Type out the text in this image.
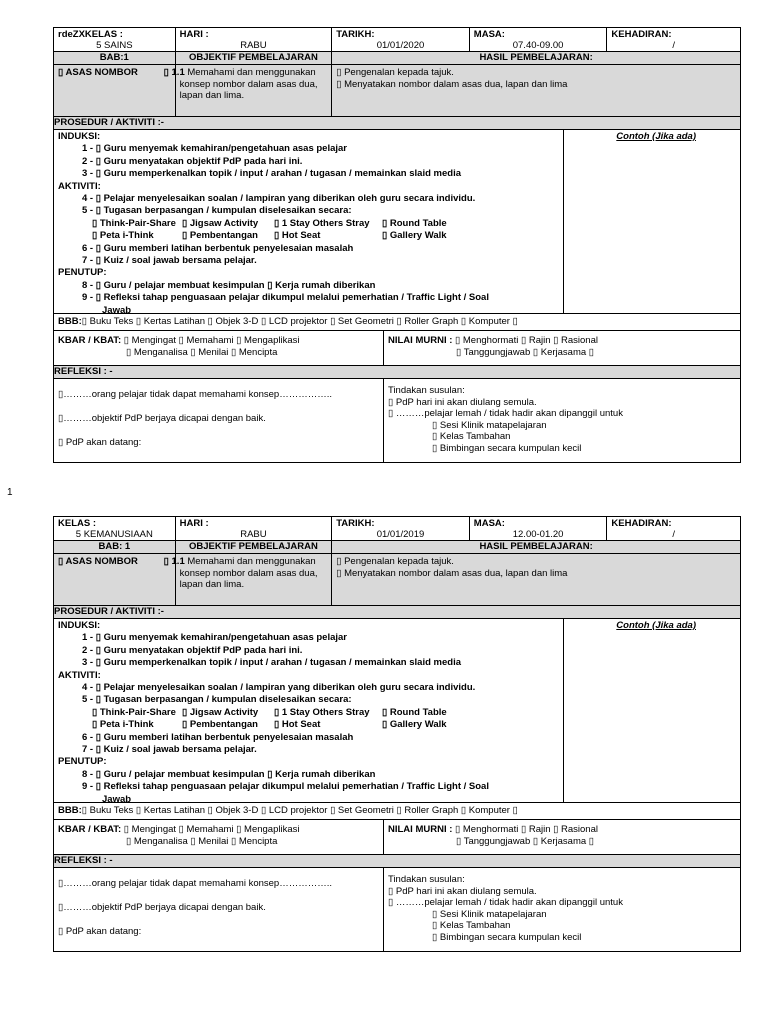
rdeZXKELAS :
5 SAINS
HARI :
RABU
TARIKH:
01/01/2020
MASA:
07.40-09.00
KEHADIRAN:
/
BAB:1	OBJEKTIF PEMBELAJARAN	HASIL PEMBELAJARAN:
▯ ASAS NOMBOR	▯ 1.1 Memahami dan menggunakan konsep nombor dalam asas dua, lapan dan lima.
▯ Pengenalan kepada tajuk.
▯ Menyatakan nombor dalam asas dua, lapan dan lima
PROSEDUR / AKTIVITI :-
INDUKSI:
1 - ▯ Guru menyemak kemahiran/pengetahuan asas pelajar
2 - ▯ Guru menyatakan objektif PdP pada hari ini.
3 - ▯ Guru memperkenalkan topik / input / arahan / tugasan / memainkan slaid media
AKTIVITI:
4 - ▯ Pelajar menyelesaikan soalan / lampiran yang diberikan oleh guru secara individu.
5 - ▯ Tugasan berpasangan / kumpulan diselesaikan secara:
▯ Think-Pair-Share ▯ Jigsaw Activity ▯ 1 Stay Others Stray ▯ Round Table
▯ Peta i-Think	▯ Pembentangan ▯ Hot Seat	▯ Gallery Walk
6 - ▯ Guru memberi latihan berbentuk penyelesaian masalah
7 - ▯ Kuiz / soal jawab bersama pelajar.
PENUTUP:
8 - ▯ Guru / pelajar membuat kesimpulan ▯ Kerja rumah diberikan
9 - ▯ Refleksi tahap penguasaan pelajar dikumpul melalui pemerhatian / Traffic Light / Soal
Jawab
Contoh (Jika ada)
BBB: ▯ Buku Teks ▯ Kertas Latihan ▯ Objek 3-D ▯ LCD projektor ▯ Set Geometri ▯ Roller Graph ▯ Komputer ▯
KBAR / KBAT: ▯ Mengingat ▯ Memahami ▯ Mengaplikasi
▯ Menganalisa ▯ Menilai ▯ Mencipta
NILAI MURNI : ▯ Menghormati ▯ Rajin ▯ Rasional
▯ Tanggungjawab ▯ Kerjasama ▯
REFLEKSI : -
▯………orang pelajar tidak dapat memahami konsep……………..
▯………objektif PdP berjaya dicapai dengan baik.
▯ PdP akan datang:
Tindakan susulan:
▯ PdP hari ini akan diulang semula.
▯ ………pelajar lemah / tidak hadir akan dipanggil untuk
▯ Sesi Klinik matapelajaran
▯ Kelas Tambahan
▯ Bimbingan secara kumpulan kecil
1
KELAS :
5 KEMANUSIAAN
HARI :
RABU
TARIKH:
01/01/2019
MASA:
12.00-01.20
KEHADIRAN:
/
BAB: 1	OBJEKTIF PEMBELAJARAN	HASIL PEMBELAJARAN:
▯ ASAS NOMBOR	▯ 1.1 Memahami dan menggunakan konsep nombor dalam asas dua, lapan dan lima.
▯ Pengenalan kepada tajuk.
▯ Menyatakan nombor dalam asas dua, lapan dan lima
PROSEDUR / AKTIVITI :-
INDUKSI:
1 - ▯ Guru menyemak kemahiran/pengetahuan asas pelajar
2 - ▯ Guru menyatakan objektif PdP pada hari ini.
3 - ▯ Guru memperkenalkan topik / input / arahan / tugasan / memainkan slaid media
AKTIVITI:
4 - ▯ Pelajar menyelesaikan soalan / lampiran yang diberikan oleh guru secara individu.
5 - ▯ Tugasan berpasangan / kumpulan diselesaikan secara:
▯ Think-Pair-Share ▯ Jigsaw Activity ▯ 1 Stay Others Stray ▯ Round Table
▯ Peta i-Think	▯ Pembentangan ▯ Hot Seat	▯ Gallery Walk
6 - ▯ Guru memberi latihan berbentuk penyelesaian masalah
7 - ▯ Kuiz / soal jawab bersama pelajar.
PENUTUP:
8 - ▯ Guru / pelajar membuat kesimpulan ▯ Kerja rumah diberikan
9 - ▯ Refleksi tahap penguasaan pelajar dikumpul melalui pemerhatian / Traffic Light / Soal
Jawab
Contoh (Jika ada)
BBB: ▯ Buku Teks ▯ Kertas Latihan ▯ Objek 3-D ▯ LCD projektor ▯ Set Geometri ▯ Roller Graph ▯ Komputer ▯
KBAR / KBAT: ▯ Mengingat ▯ Memahami ▯ Mengaplikasi
▯ Menganalisa ▯ Menilai ▯ Mencipta
NILAI MURNI : ▯ Menghormati ▯ Rajin ▯ Rasional
▯ Tanggungjawab ▯ Kerjasama ▯
REFLEKSI : -
▯………orang pelajar tidak dapat memahami konsep……………..
▯………objektif PdP berjaya dicapai dengan baik.
▯ PdP akan datang:
Tindakan susulan:
▯ PdP hari ini akan diulang semula.
▯ ………pelajar lemah / tidak hadir akan dipanggil untuk
▯ Sesi Klinik matapelajaran
▯ Kelas Tambahan
▯ Bimbingan secara kumpulan kecil
